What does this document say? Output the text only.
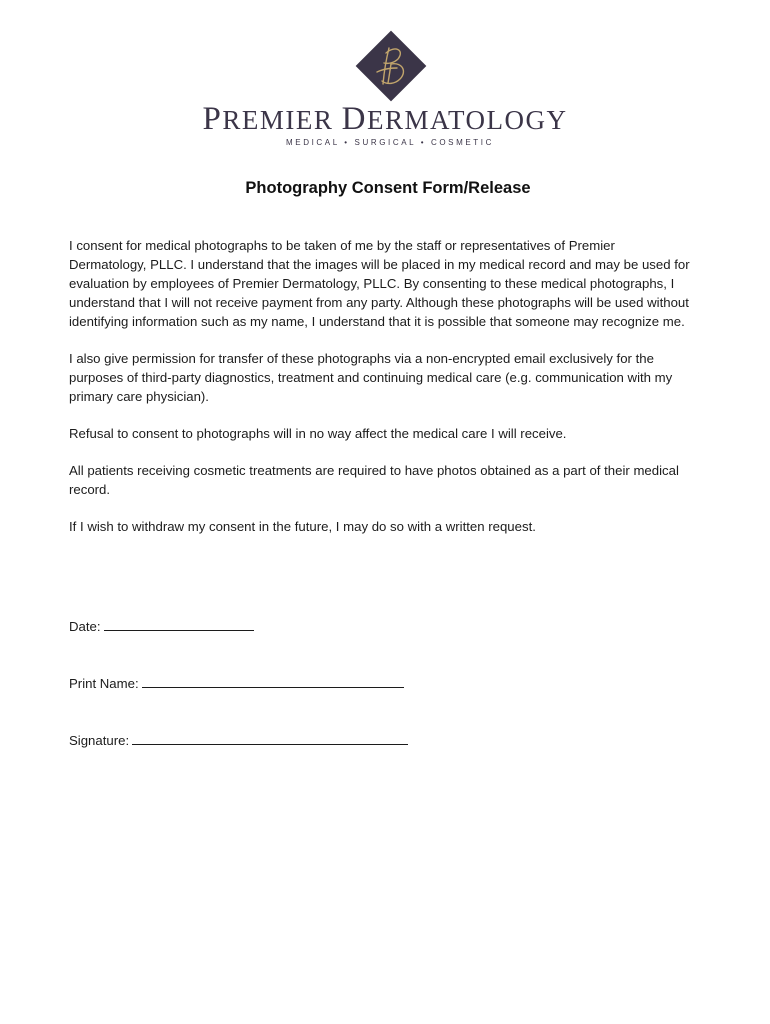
PREMIER DERMATOLOGY
MEDICAL • SURGICAL • COSMETIC
Photography Consent Form/Release

I consent for medical photographs to be taken of me by the staff or representatives of Premier Dermatology, PLLC. I understand that the images will be placed in my medical record and may be used for evaluation by employees of Premier Dermatology, PLLC. By consenting to these medical photographs, I understand that I will not receive payment from any party. Although these photographs will be used without identifying information such as my name, I understand that it is possible that someone may recognize me.

I also give permission for transfer of these photographs via a non-encrypted email exclusively for the purposes of third-party diagnostics, treatment and continuing medical care (e.g. communication with my primary care physician).

Refusal to consent to photographs will in no way affect the medical care I will receive.

All patients receiving cosmetic treatments are required to have photos obtained as a part of their medical record.

If I wish to withdraw my consent in the future, I may do so with a written request.

Date:
Print Name:
Signature:
